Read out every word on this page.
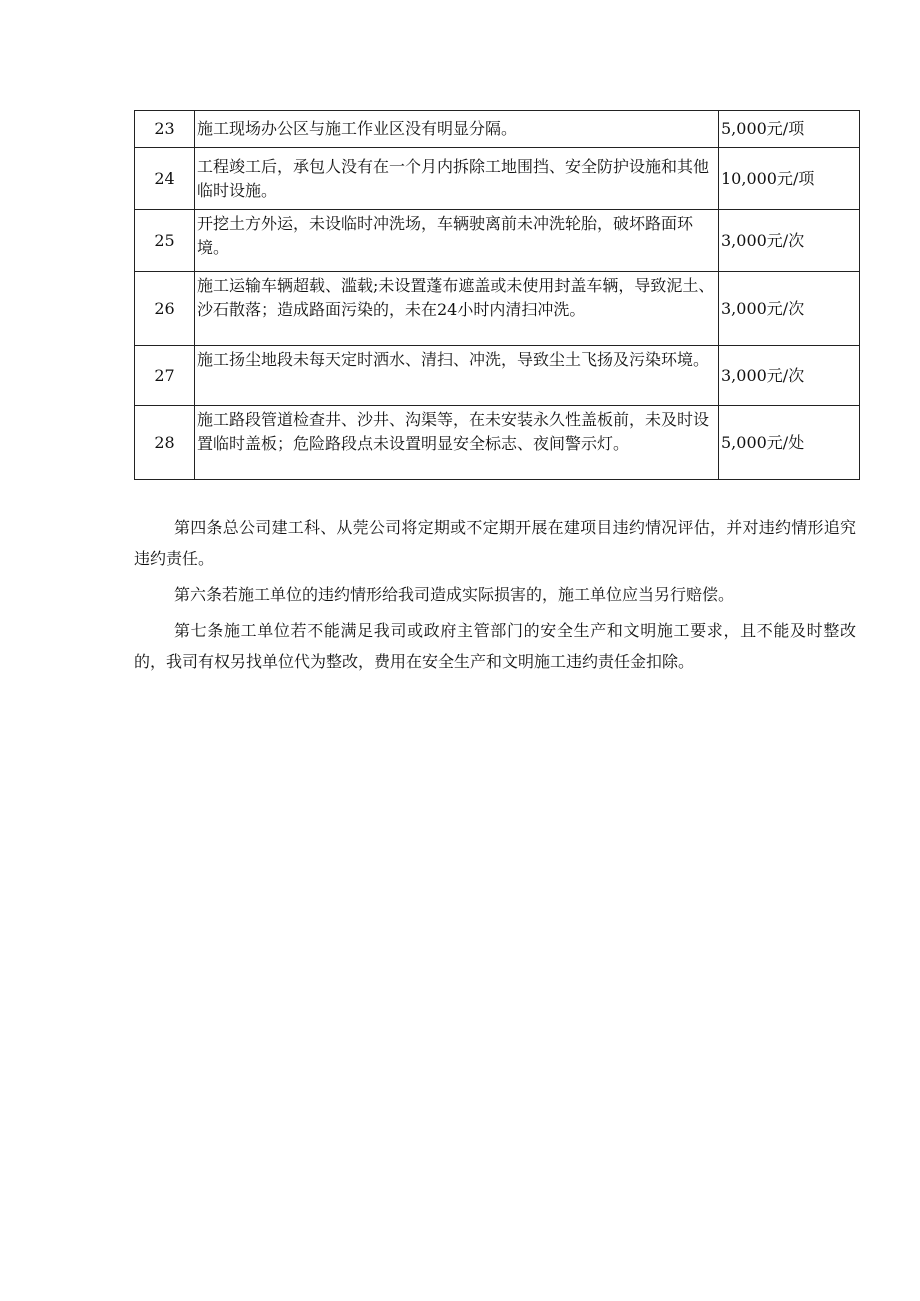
23	施工现场办公区与施工作业区没有明显分隔。	5,000元/项
24	工程竣工后，承包人没有在一个月内拆除工地围挡、安全防护设施和其他临时设施。	10,000元/项
25	开挖土方外运，未设临时冲洗场，车辆驶离前未冲洗轮胎，破坏路面环境。	3,000元/次
26	施工运输车辆超载、滥载;未设置蓬布遮盖或未使用封盖车辆，导致泥土、沙石散落；造成路面污染的，未在24小时内清扫冲洗。	3,000元/次
27	施工扬尘地段未每天定时洒水、清扫、冲洗，导致尘土飞扬及污染环境。	3,000元/次
28	施工路段管道检查井、沙井、沟渠等，在未安装永久性盖板前，未及时设置临时盖板；危险路段点未设置明显安全标志、夜间警示灯。	5,000元/处

第四条总公司建工科、从莞公司将定期或不定期开展在建项目违约情况评估，并对违约情形追究违约责任。

第六条若施工单位的违约情形给我司造成实际损害的，施工单位应当另行赔偿。

第七条施工单位若不能满足我司或政府主管部门的安全生产和文明施工要求，且不能及时整改的，我司有权另找单位代为整改，费用在安全生产和文明施工违约责任金扣除。
